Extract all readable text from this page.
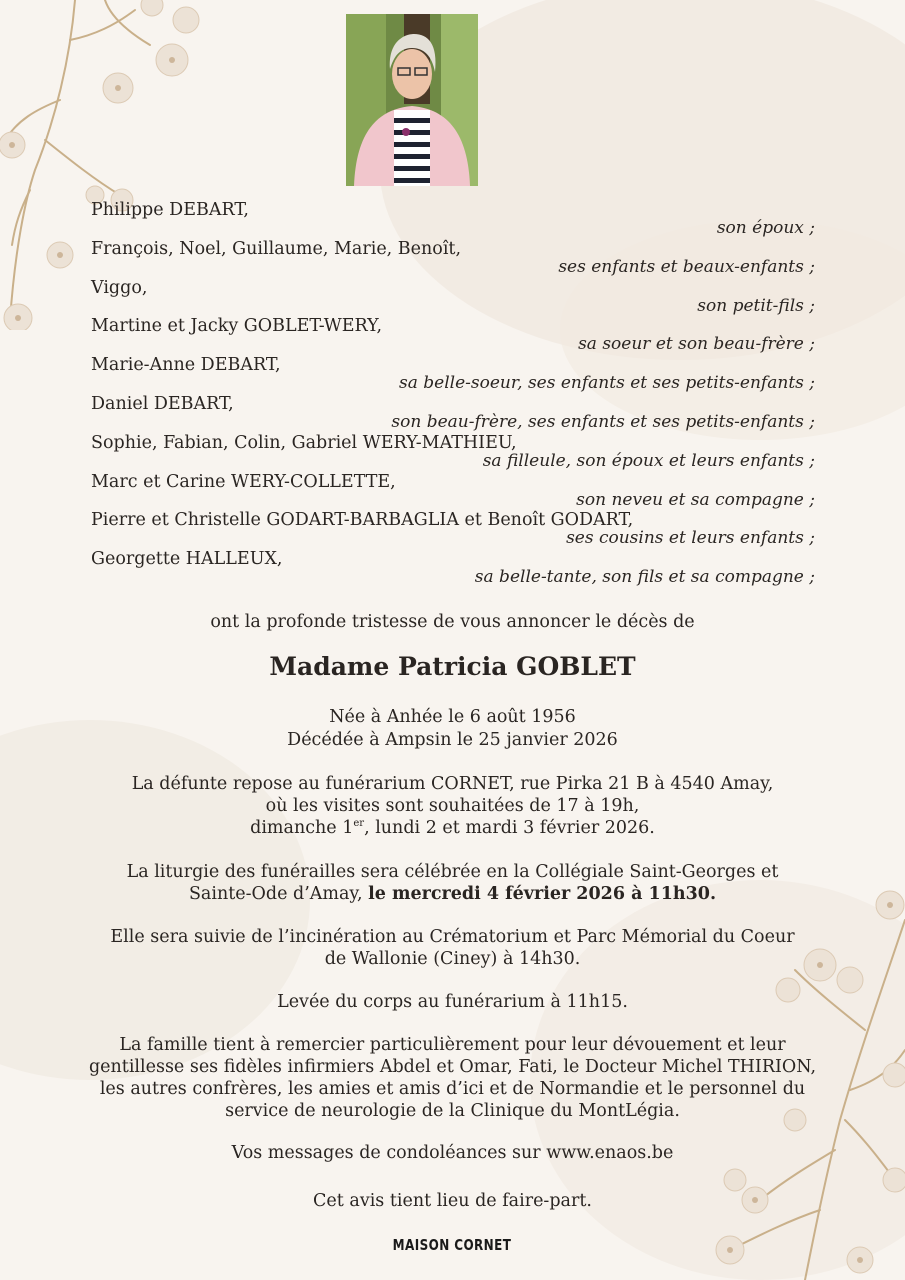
Philippe DEBART,
son époux ;
François, Noel, Guillaume, Marie, Benoît,
ses enfants et beaux-enfants ;
Viggo,
son petit-fils ;
Martine et Jacky GOBLET-WERY,
sa soeur et son beau-frère ;
Marie-Anne DEBART,
sa belle-soeur, ses enfants et ses petits-enfants ;
Daniel DEBART,
son beau-frère, ses enfants et ses petits-enfants ;
Sophie, Fabian, Colin, Gabriel WERY-MATHIEU,
sa filleule, son époux et leurs enfants ;
Marc et Carine WERY-COLLETTE,
son neveu et sa compagne ;
Pierre et Christelle GODART-BARBAGLIA et Benoît GODART,
ses cousins et leurs enfants ;
Georgette HALLEUX,
sa belle-tante, son fils et sa compagne ;
ont la profonde tristesse de vous annoncer le décès de
Madame Patricia GOBLET
Née à Anhée le 6 août 1956
Décédée à Ampsin le 25 janvier 2026
La défunte repose au funérarium CORNET, rue Pirka 21 B à 4540 Amay,
où les visites sont souhaitées de 17 à 19h,
dimanche 1er, lundi 2 et mardi 3 février 2026.
La liturgie des funérailles sera célébrée en la Collégiale Saint-Georges et
Sainte-Ode d’Amay, le mercredi 4 février 2026 à 11h30.
Elle sera suivie de l’incinération au Crématorium et Parc Mémorial du Coeur
de Wallonie (Ciney) à 14h30.
Levée du corps au funérarium à 11h15.
La famille tient à remercier particulièrement pour leur dévouement et leur
gentillesse ses fidèles infirmiers Abdel et Omar, Fati, le Docteur Michel THIRION,
les autres confrères, les amies et amis d’ici et de Normandie et le personnel du
service de neurologie de la Clinique du MontLégia.
Vos messages de condoléances sur www.enaos.be
Cet avis tient lieu de faire-part.
MAISON CORNET
